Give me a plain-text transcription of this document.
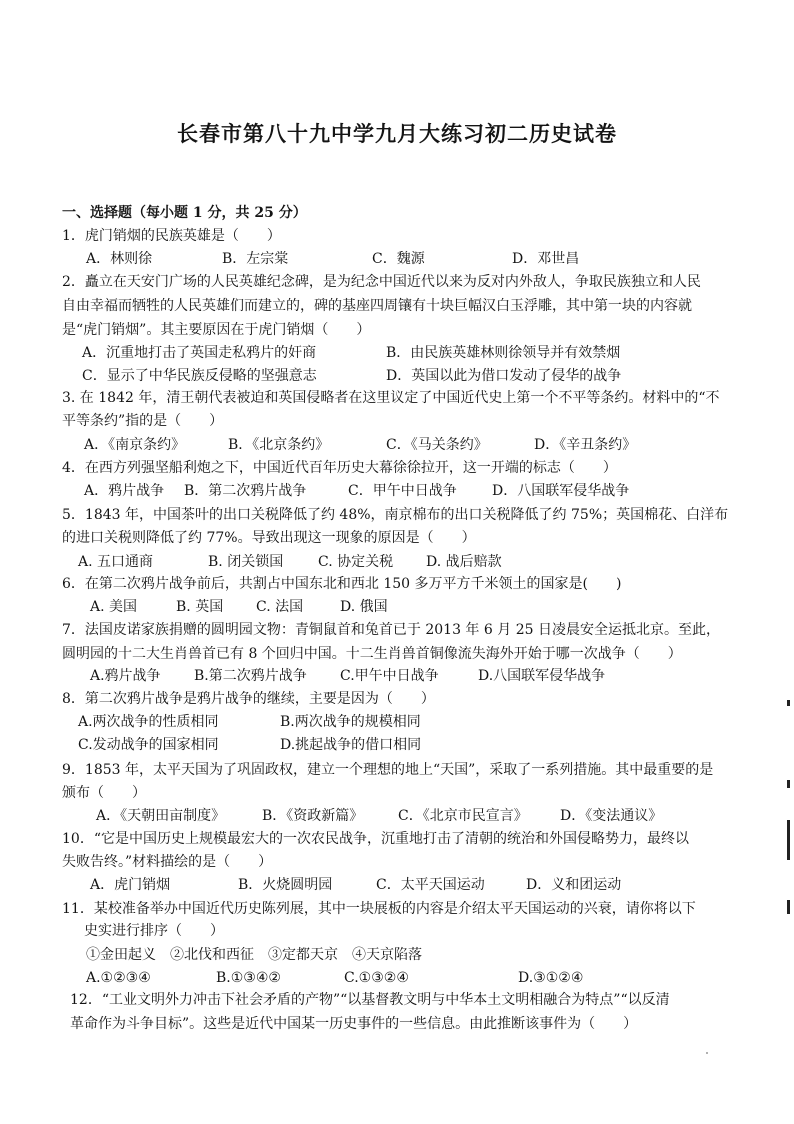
长春市第八十九中学九月大练习初二历史试卷
一、选择题（每小题 1 分，共 25 分）
1．虎门销烟的民族英雄是（　　）
A．林则徐	B．左宗棠	C．魏源	D．邓世昌
2．矗立在天安门广场的人民英雄纪念碑，是为纪念中国近代以来为反对内外敌人，争取民族独立和人民
自由幸福而牺牲的人民英雄们而建立的，碑的基座四周镶有十块巨幅汉白玉浮雕，其中第一块的内容就
是“虎门销烟”。其主要原因在于虎门销烟（　　）
A．沉重地打击了英国走私鸦片的奸商	B．由民族英雄林则徐领导并有效禁烟
C．显示了中华民族反侵略的坚强意志	D．英国以此为借口发动了侵华的战争
3. 在 1842 年，清王朝代表被迫和英国侵略者在这里议定了中国近代史上第一个不平等条约。材料中的“不
平等条约”指的是（　　）
A．《南京条约》	B．《北京条约》	C．《马关条约》	D．《辛丑条约》
4．在西方列强坚船利炮之下，中国近代百年历史大幕徐徐拉开，这一开端的标志（　　）
A．鸦片战争 B．第二次鸦片战争	C．甲午中日战争	D．八国联军侵华战争
5．1843 年，中国茶叶的出口关税降低了约 48%，南京棉布的出口关税降低了约 75%；英国棉花、白洋布
的进口关税则降低了约 77%。导致出现这一现象的原因是（　　）
A. 五口通商	B. 闭关锁国 C. 协定关税 D. 战后赔款
6．在第二次鸦片战争前后，共割占中国东北和西北 150 多万平方千米领土的国家是(　　)
A. 美国	B. 英国 C. 法国	D. 俄国
7．法国皮诺家族捐赠的圆明园文物：青铜鼠首和兔首已于 2013 年 6 月 25 日凌晨安全运抵北京。至此，
圆明园的十二大生肖兽首已有 8 个回归中国。十二生肖兽首铜像流失海外开始于哪一次战争（　　）
A.鸦片战争 B.第二次鸦片战争 C.甲午中日战争	D.八国联军侵华战争
8．第二次鸦片战争是鸦片战争的继续，主要是因为（　　）
A.两次战争的性质相同	B.两次战争的规模相同
C.发动战争的国家相同	D.挑起战争的借口相同
9．1853 年，太平天国为了巩固政权，建立一个理想的地上“天国”，采取了一系列措施。其中最重要的是
颁布（　　）
A．《天朝田亩制度》	B．《资政新篇》 C．《北京市民宣言》 D．《变法通议》
10．“它是中国历史上规模最宏大的一次农民战争，沉重地打击了清朝的统治和外国侵略势力，最终以
失败告终。”材料描绘的是（　　）
A．虎门销烟	B．火烧圆明园	C．太平天国运动	D．义和团运动
11．某校准备举办中国近代历史陈列展，其中一块展板的内容是介绍太平天国运动的兴衰，请你将以下
史实进行排序（　　）
①金田起义　②北伐和西征　③定都天京　④天京陷落
A.①②③④	B.①③④②	C.①③②④	D.③①②④
12．“工业文明外力冲击下社会矛盾的产物”“以基督教文明与中华本土文明相融合为特点”“以反清
革命作为斗争目标”。这些是近代中国某一历史事件的一些信息。由此推断该事件为（　　）
